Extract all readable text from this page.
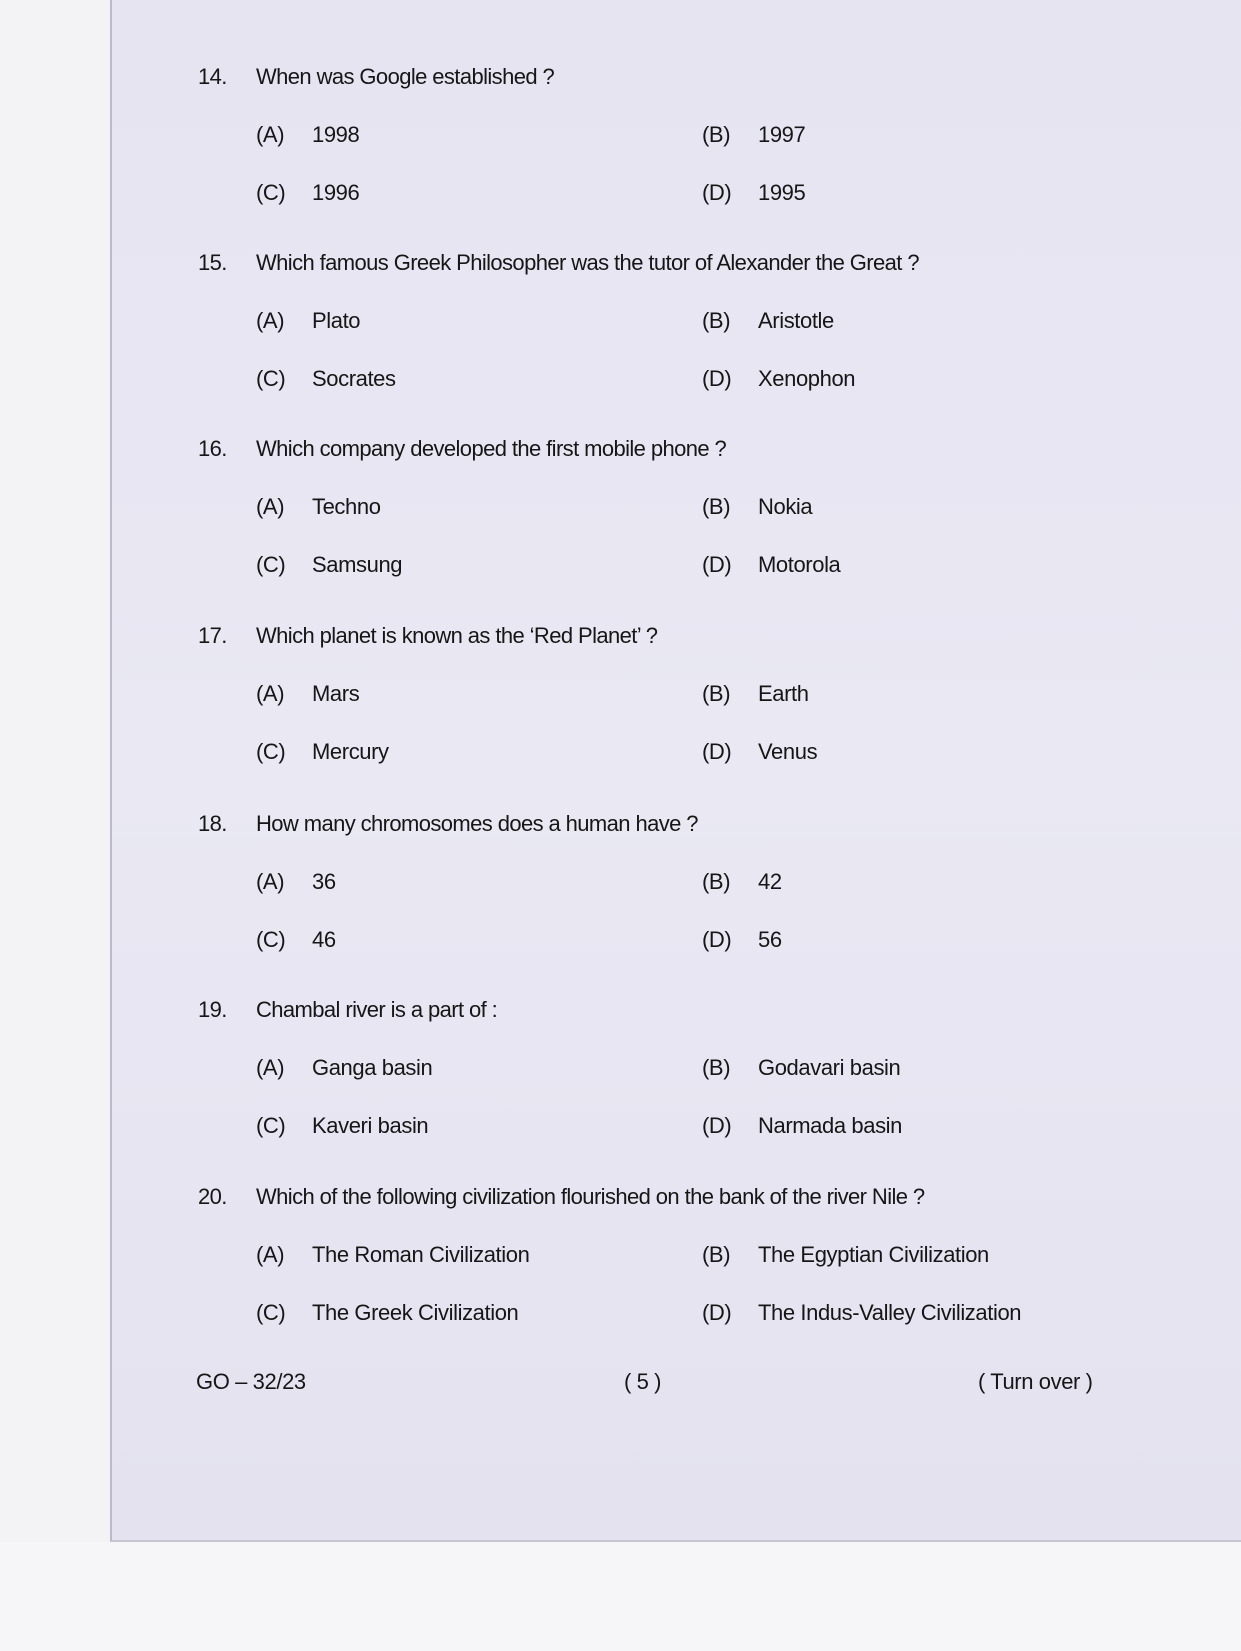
14.	When was Google established ?
(A) 1998	(B) 1997
(C) 1996	(D) 1995
15.	Which famous Greek Philosopher was the tutor of Alexander the Great ?
(A) Plato	(B) Aristotle
(C) Socrates	(D) Xenophon
16.	Which company developed the first mobile phone ?
(A) Techno	(B) Nokia
(C) Samsung	(D) Motorola
17.	Which planet is known as the ‘Red Planet’ ?
(A) Mars	(B) Earth
(C) Mercury	(D) Venus
18.	How many chromosomes does a human have ?
(A) 36	(B) 42
(C) 46	(D) 56
19.	Chambal river is a part of :
(A) Ganga basin	(B) Godavari basin
(C) Kaveri basin	(D) Narmada basin
20.	Which of the following civilization flourished on the bank of the river Nile ?
(A) The Roman Civilization	(B) The Egyptian Civilization
(C) The Greek Civilization	(D) The Indus-Valley Civilization
GO – 32/23	( 5 )	( Turn over )
